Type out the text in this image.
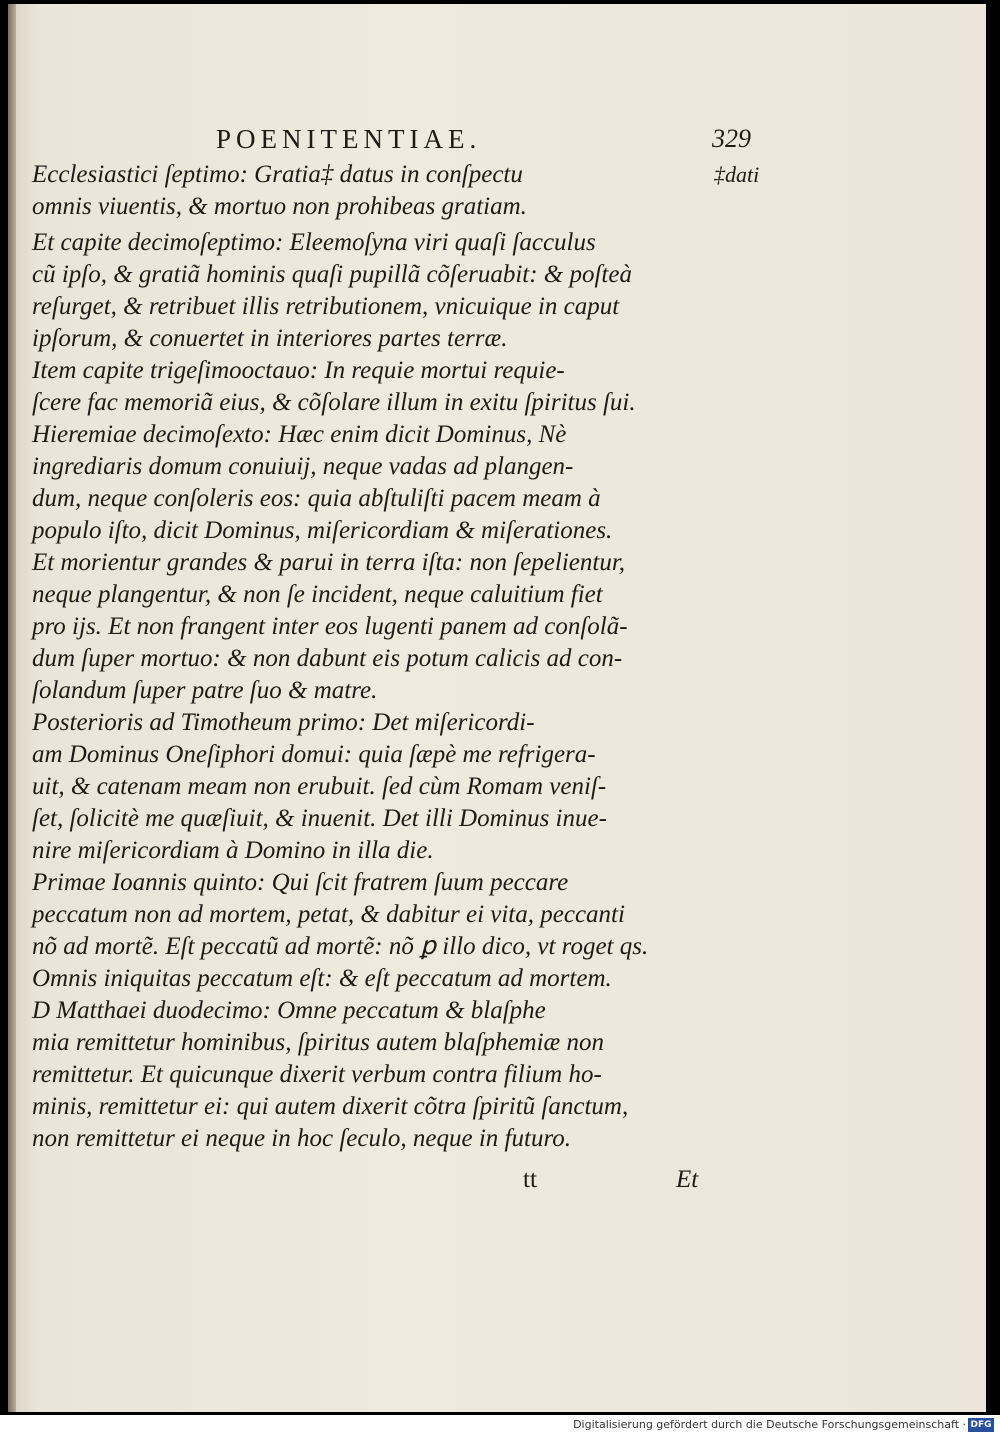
POENITENTIAE.	329
‡dati
Ecclesiastici ſeptimo: Gratia‡ datus in conſpectu
omnis viuentis, & mortuo non prohibeas gratiam.
Et capite decimoſeptimo: Eleemoſyna viri quaſi ſacculus
cũ ipſo, & gratiã hominis quaſi pupillã cõſeruabit: & poſteà
reſurget, & retribuet illis retributionem, vnicuique in caput
ipſorum, & conuertet in interiores partes terræ.
Item capite trigeſimooctauo: In requie mortui requie-
ſcere fac memoriã eius, & cõſolare illum in exitu ſpiritus ſui.
Hieremiae decimoſexto: Hæc enim dicit Dominus, Nè
ingrediaris domum conuiuij, neque vadas ad plangen-
dum, neque conſoleris eos: quia abſtuliſti pacem meam à
populo iſto, dicit Dominus, miſericordiam & miſerationes.
Et morientur grandes & parui in terra iſta: non ſepelientur,
neque plangentur, & non ſe incident, neque caluitium fiet
pro ijs. Et non frangent inter eos lugenti panem ad conſolã-
dum ſuper mortuo: & non dabunt eis potum calicis ad con-
ſolandum ſuper patre ſuo & matre.
Posterioris ad Timotheum primo: Det miſericordi-
am Dominus Oneſiphori domui: quia ſæpè me refrigera-
uit, & catenam meam non erubuit. ſed cùm Romam veniſ-
ſet, ſolicitè me quæſiuit, & inuenit. Det illi Dominus inue-
nire miſericordiam à Domino in illa die.
Primae Ioannis quinto: Qui ſcit fratrem ſuum peccare
peccatum non ad mortem, petat, & dabitur ei vita, peccanti
nõ ad mortẽ. Eſt peccatũ ad mortẽ: nõ ꝑ illo dico, vt roget qs.
Omnis iniquitas peccatum eſt: & eſt peccatum ad mortem.
D Matthaei duodecimo: Omne peccatum & blaſphe
mia remittetur hominibus, ſpiritus autem blaſphemiæ non
remittetur. Et quicunque dixerit verbum contra filium ho-
minis, remittetur ei: qui autem dixerit cõtra ſpiritũ ſanctum,
non remittetur ei neque in hoc ſeculo, neque in futuro.
tt	Et
Digitalisierung gefördert durch die Deutsche Forschungsgemeinschaft · DFG
